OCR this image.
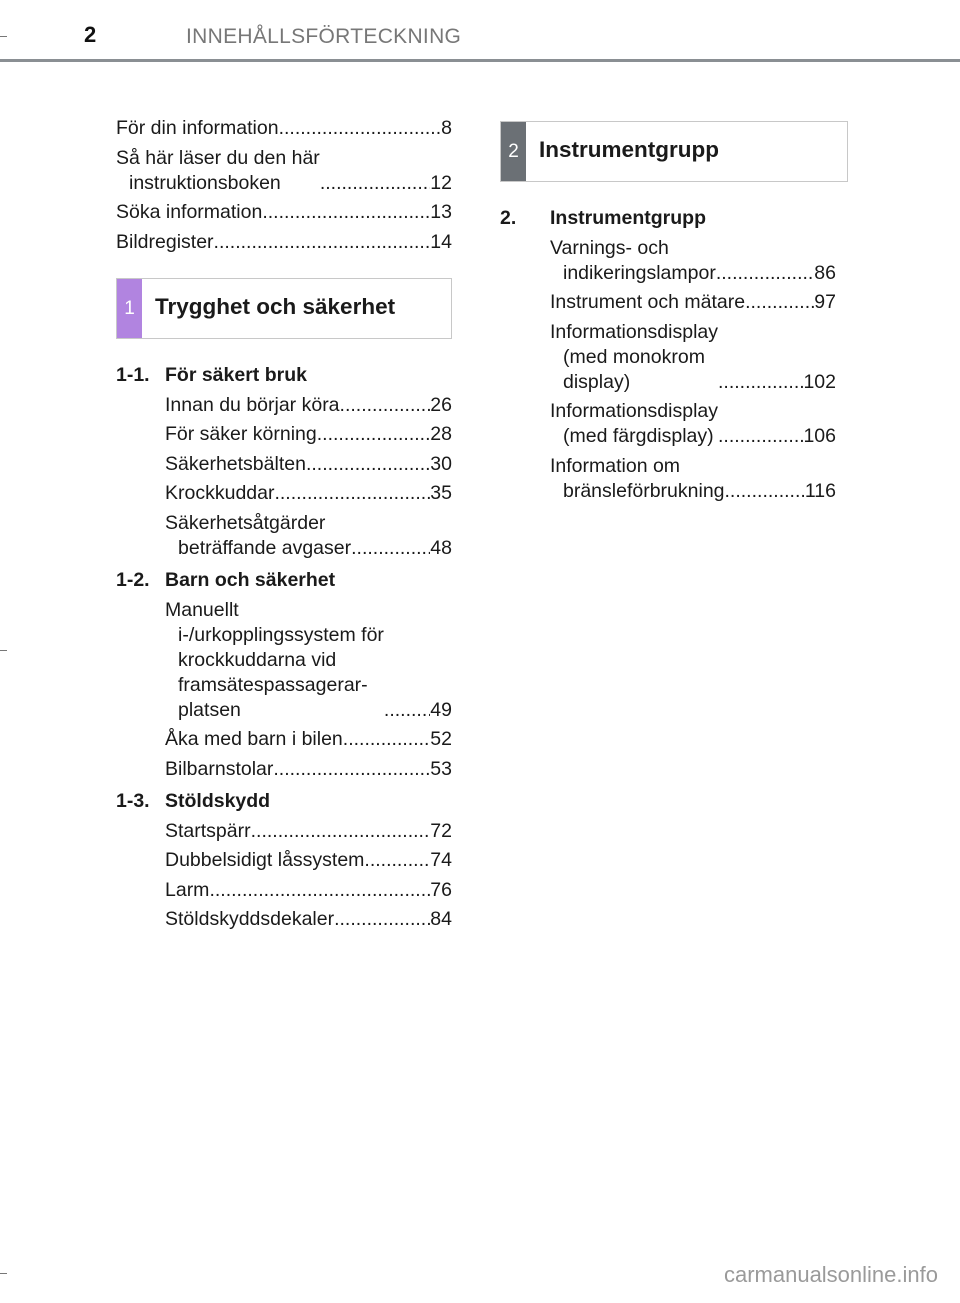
2	INNEHÅLLSFÖRTECKNING
För din information .....	8
Så här läser du den här
instruktionsboken .....	12
Söka information .....	13
Bildregister .....	14
1 Trygghet och säkerhet
1-1. För säkert bruk
Innan du börjar köra .....	26
För säker körning .....	28
Säkerhetsbälten .....	30
Krockkuddar .....	35
Säkerhetsåtgärder
beträffande avgaser .....	48
1-2. Barn och säkerhet
Manuellt
i-/urkopplingssystem för
krockkuddarna vid
framsätespassagerar-
platsen .....	49
Åka med barn i bilen .....	52
Bilbarnstolar .....	53
1-3. Stöldskydd
Startspärr .....	72
Dubbelsidigt låssystem .....	74
Larm .....	76
Stöldskyddsdekaler .....	84
2 Instrumentgrupp
2.	Instrumentgrupp
Varnings- och
indikeringslampor .....	86
Instrument och mätare .....	97
Informationsdisplay
(med monokrom
display) .....	102
Informationsdisplay
(med färgdisplay) .....	106
Information om
bränsleförbrukning .....	116
carmanualsonline.info
